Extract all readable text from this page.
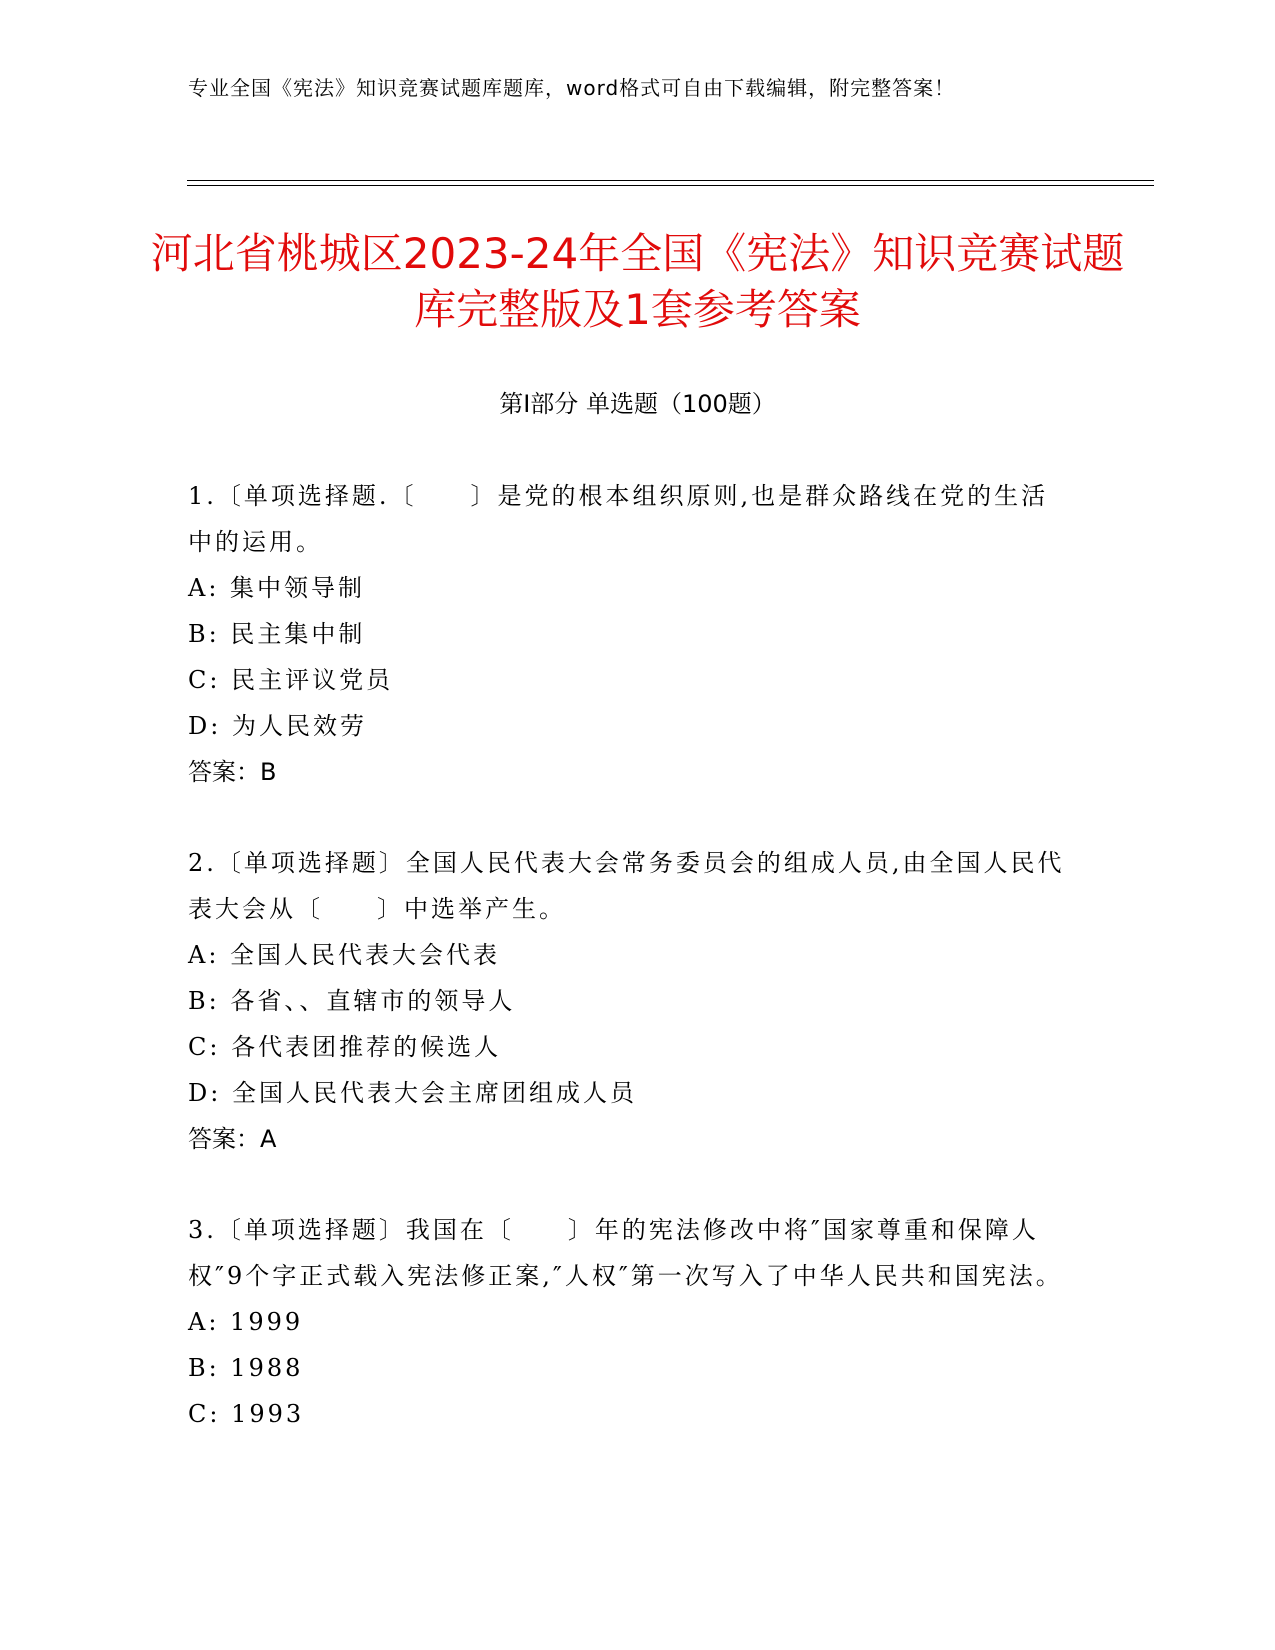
专业全国《宪法》知识竞赛试题库题库，word格式可自由下载编辑，附完整答案！
河北省桃城区2023-24年全国《宪法》知识竞赛试题库完整版及1套参考答案
第I部分 单选题（100题）

1.〔单项选择题.〔　　〕是党的根本组织原则,也是群众路线在党的生活中的运用。

A: 集中领导制

B: 民主集中制

C: 民主评议党员

D: 为人民效劳

答案：B

2.〔单项选择题〕全国人民代表大会常务委员会的组成人员,由全国人民代表大会从〔　　〕中选举产生。

A: 全国人民代表大会代表

B: 各省、、直辖市的领导人

C: 各代表团推荐的候选人

D: 全国人民代表大会主席团组成人员

答案：A

3.〔单项选择题〕我国在〔　　〕年的宪法修改中将″国家尊重和保障人权″9个字正式载入宪法修正案,″人权″第一次写入了中华人民共和国宪法。

A: 1999

B: 1988

C: 1993
